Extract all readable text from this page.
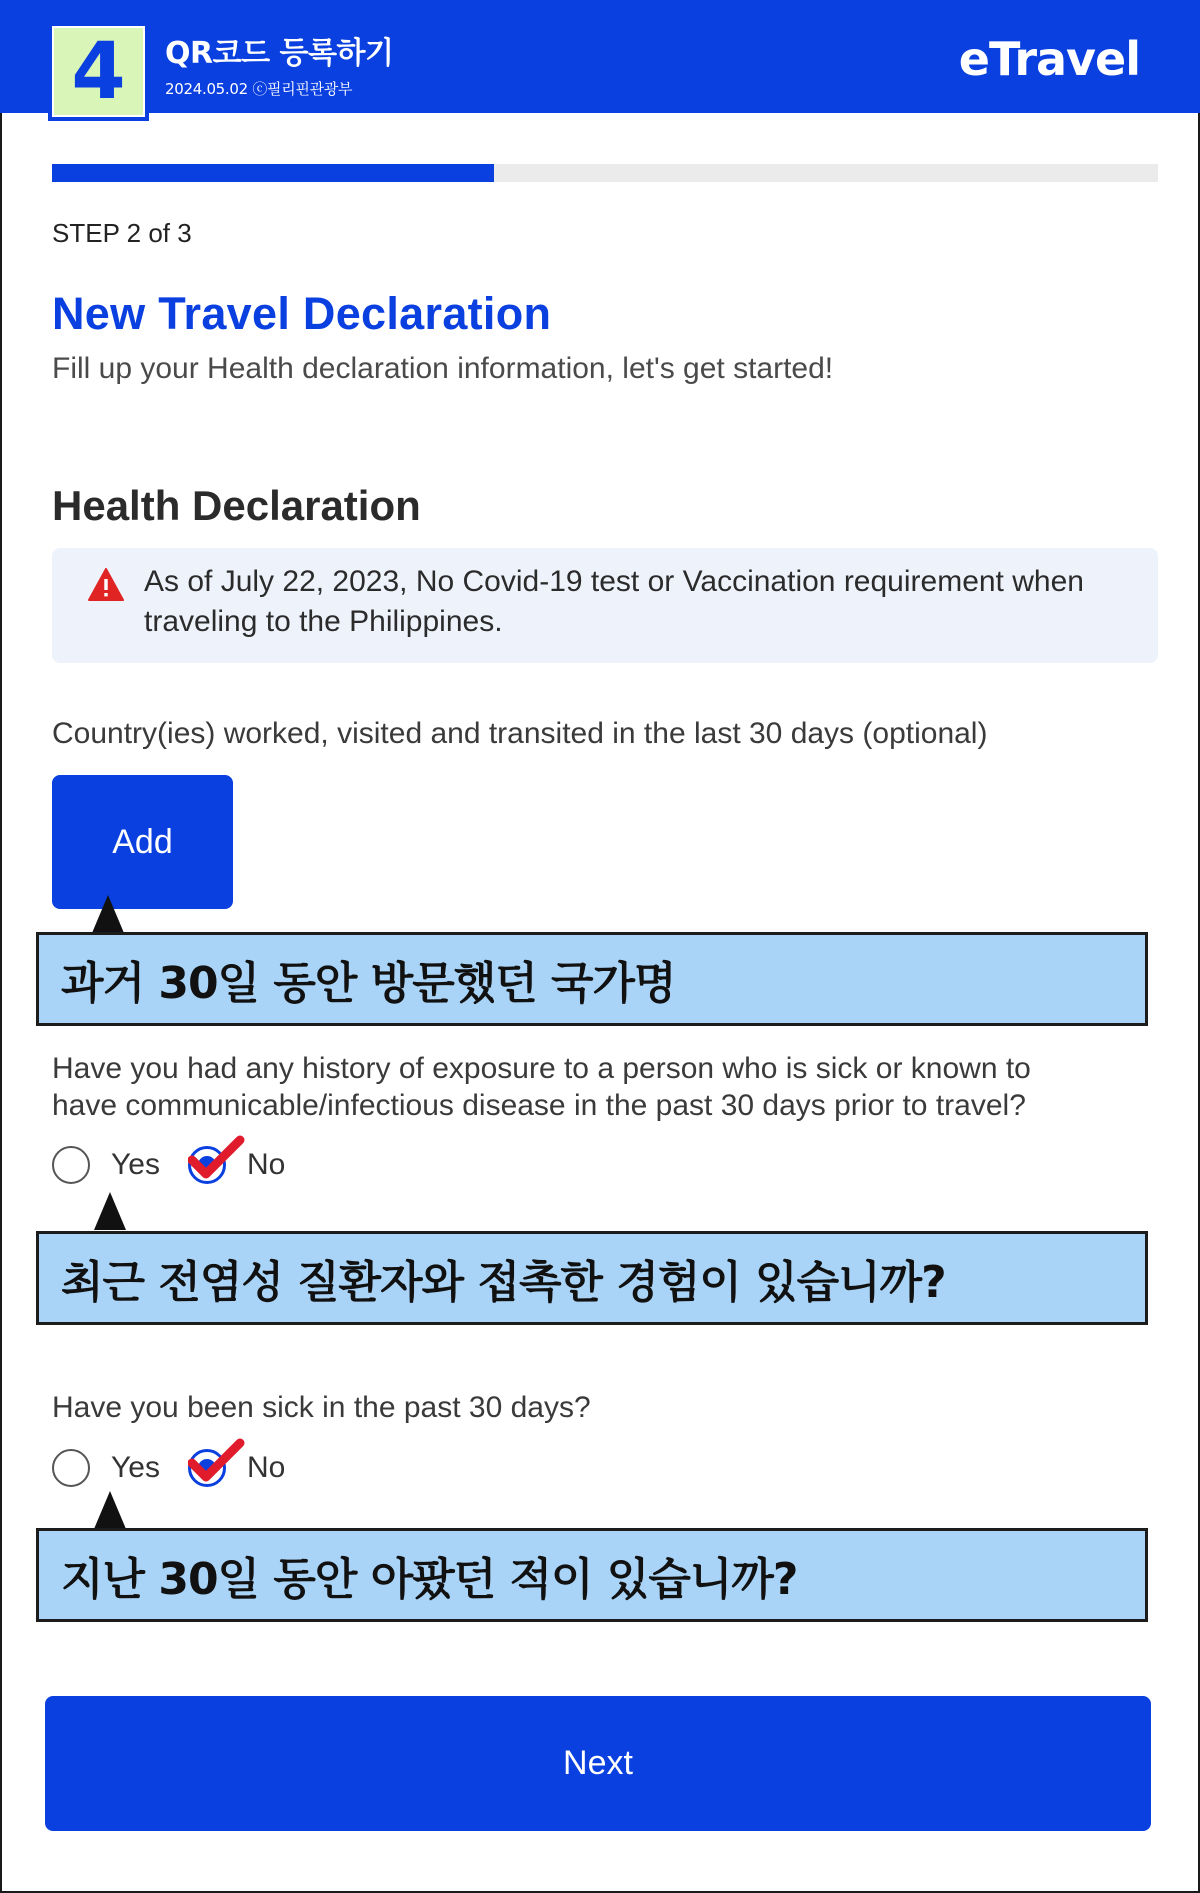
4	QR코드 등록하기
2024.05.02 ⓒ필리핀관광부
eTravel
STEP 2 of 3
New Travel Declaration
Fill up your Health declaration information, let's get started!
Health Declaration
As of July 22, 2023, No Covid-19 test or Vaccination requirement when traveling to the Philippines.
Country(ies) worked, visited and transited in the last 30 days (optional)
Add
과거 30일 동안 방문했던 국가명
Have you had any history of exposure to a person who is sick or known to
have communicable/infectious disease in the past 30 days prior to travel?
Yes	No
최근 전염성 질환자와 접촉한 경험이 있습니까?
Have you been sick in the past 30 days?
Yes	No
지난 30일 동안 아팠던 적이 있습니까?
Next
